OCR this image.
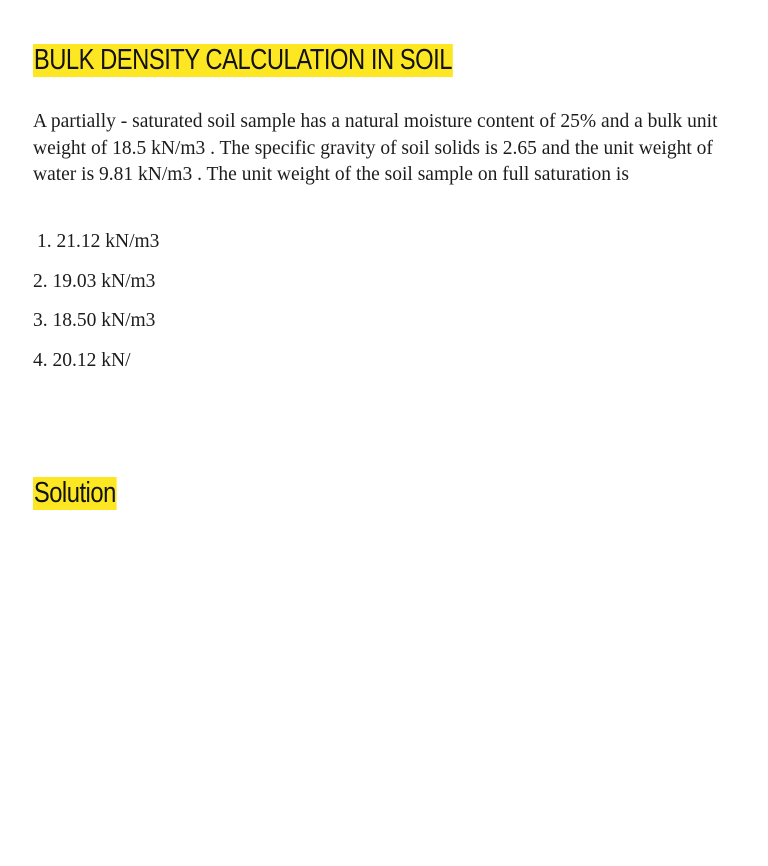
BULK DENSITY CALCULATION IN SOIL

A partially - saturated soil sample has a natural moisture content of 25% and a bulk unit weight of 18.5 kN/m3 . The specific gravity of soil solids is 2.65 and the unit weight of water is 9.81 kN/m3 . The unit weight of the soil sample on full saturation is

1. 21.12 kN/m3
2. 19.03 kN/m3
3. 18.50 kN/m3
4. 20.12 kN/
Solution
